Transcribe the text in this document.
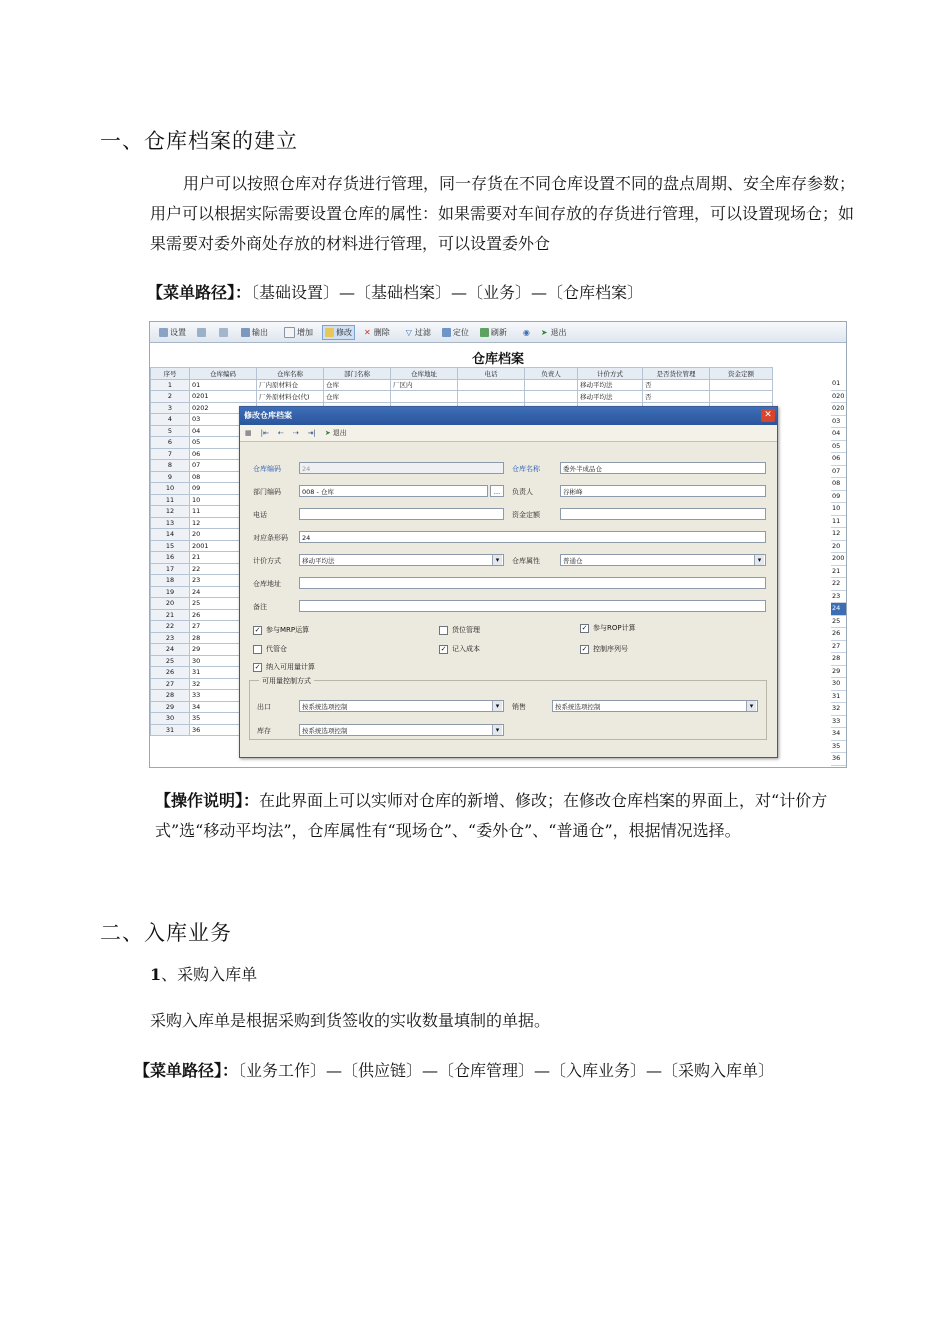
一、仓库档案的建立
用户可以按照仓库对存货进行管理，同一存货在不同仓库设置不同的盘点周期、安全库存参数；用户可以根据实际需要设置仓库的属性：如果需要对车间存放的存货进行管理，可以设置现场仓；如果需要对委外商处存放的材料进行管理，可以设置委外仓
【菜单路径】：〔基础设置〕—〔基础档案〕—〔业务〕—〔仓库档案〕
设置	输出	增加	修改 ✕ 删除 ▽ 过滤	定位	刷新 ◉ ➤ 退出
仓库档案
序号	仓库编码	仓库名称	部门名称	仓库地址	电话	负责人	计价方式	是否货位管理	资金定额
1	01	厂内原材料仓	仓库	厂区内			移动平均法	否	
2	0201	厂外原材料仓(代)	仓库				移动平均法	否	
3	0202								
4	03								
5	04								
6	05								
7	06								
8	07								
9	08								
10	09								
11	10								
12	11								
13	12								
14	20								
15	2001								
16	21								
17	22								
18	23								
19	24								
20	25								
21	26								
22	27								
23	28								
24	29								
25	30								
26	31								
27	32								
28	33								
29	34								
30	35								
31	36								
01
020
020
03
04
05
06
07
08
09
10
11
12
20
200
21
22
23
24
25
26
27
28
29
30
31
32
33
34
35
36
修改仓库档案	✕
▦ |⇤ ⇠ ⇢ ⇥| ➤ 退出
仓库编码	24	仓库名称	委外半成品仓
部门编码	008 - 仓库	…	负责人	谷彬峰
电话	资金定额
对应条形码	24
计价方式	移动平均法 ▾	仓库属性	普通仓 ▾
仓库地址
备注
✓ 参与MRP运算	货位管理	✓ 参与ROP计算
代管仓	✓ 记入成本	✓ 控制序列号
✓ 纳入可用量计算
可用量控制方式
出口	按系统选项控制 ▾	销售	按系统选项控制 ▾
库存	按系统选项控制 ▾
【操作说明】：在此界面上可以实师对仓库的新增、修改；在修改仓库档案的界面上，对“计价方式”选“移动平均法”，仓库属性有“现场仓”、“委外仓”、“普通仓”，根据情况选择。
二、入库业务
1、采购入库单
采购入库单是根据采购到货签收的实收数量填制的单据。
【菜单路径】：〔业务工作〕—〔供应链〕—〔仓库管理〕—〔入库业务〕—〔采购入库单〕
